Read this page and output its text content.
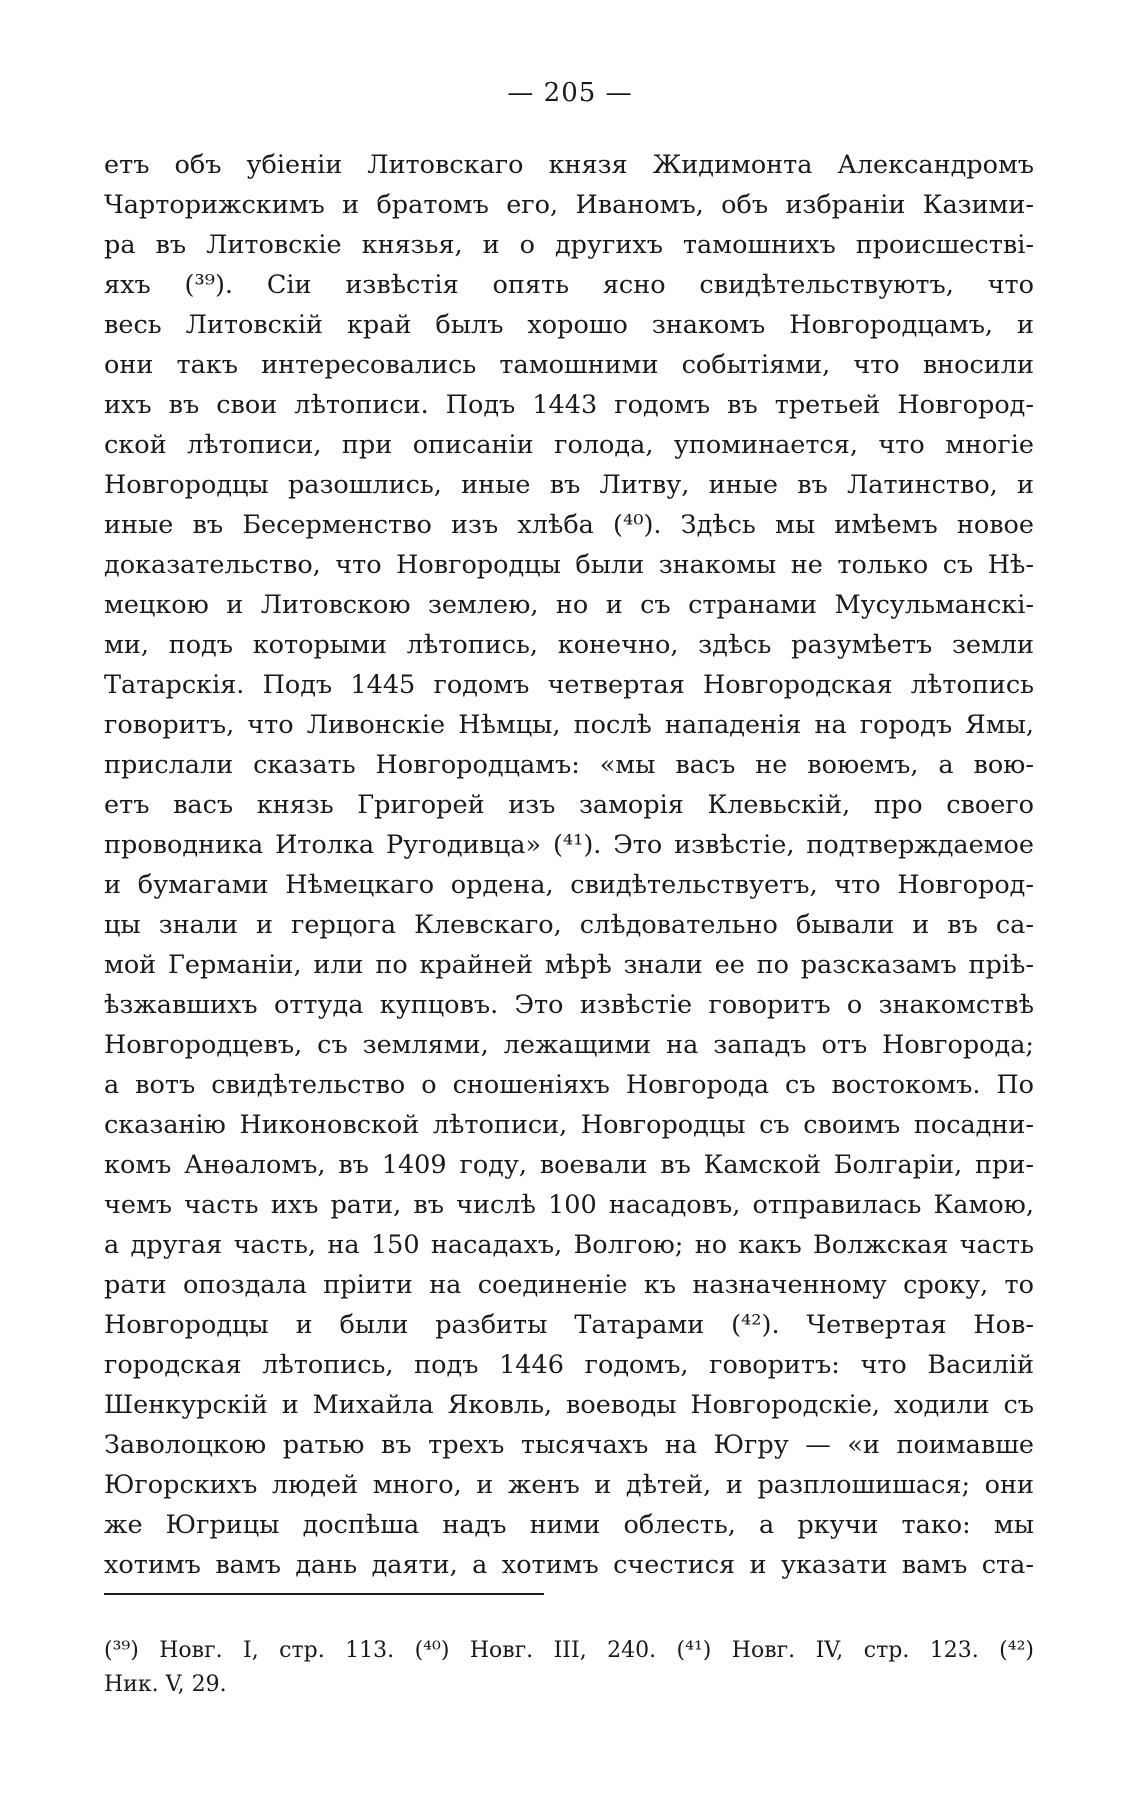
— 205 —
етъ объ убіеніи Литовскаго князя Жидимонта Александромъ
Чарторижскимъ и братомъ его, Иваномъ, объ избраніи Казими-
ра въ Литовскіе князья, и о другихъ тамошнихъ происшествi-
яхъ (³⁹). Сіи извѣстія опять ясно свидѣтельствуютъ, что
весь Литовскій край былъ хорошо знакомъ Новгородцамъ, и
они такъ интересовались тамошними событіями, что вносили
ихъ въ свои лѣтописи. Подъ 1443 годомъ въ третьей Новгород-
ской лѣтописи, при описаніи голода, упоминается, что многіе
Новгородцы разошлись, иные въ Литву, иные въ Латинство, и
иные въ Бесерменство изъ хлѣба (⁴⁰). Здѣсь мы имѣемъ новое
доказательство, что Новгородцы были знакомы не только съ Нѣ-
мецкою и Литовскою землею, но и съ странами Мусульманскі-
ми, подъ которыми лѣтопись, конечно, здѣсь разумѣетъ земли
Татарскія. Подъ 1445 годомъ четвертая Новгородская лѣтопись
говоритъ, что Ливонскіе Нѣмцы, послѣ нападенія на городъ Ямы,
прислали сказать Новгородцамъ: «мы васъ не воюемъ, а вою-
етъ васъ князь Григорей изъ заморія Клевьскій, про своего
проводника Итолка Ругодивца» (⁴¹). Это извѣстіе, подтверждаемое
и бумагами Нѣмецкаго ордена, свидѣтельствуетъ, что Новгород-
цы знали и герцога Клевскаго, слѣдовательно бывали и въ са-
мой Германіи, или по крайней мѣрѣ знали ее по разсказамъ пріѣ-
ѣзжавшихъ оттуда купцовъ. Это извѣстіе говоритъ о знакомствѣ
Новгородцевъ, съ землями, лежащими на западъ отъ Новгорода;
а вотъ свидѣтельство о сношеніяхъ Новгорода съ востокомъ. По
сказанію Никоновской лѣтописи, Новгородцы съ своимъ посадни-
комъ Анѳаломъ, въ 1409 году, воевали въ Камской Болгаріи, при-
чемъ часть ихъ рати, въ числѣ 100 насадовъ, отправилась Камою,
а другая часть, на 150 насадахъ, Волгою; но какъ Волжская часть
рати опоздала пріити на соединеніе къ назначенному сроку, то
Новгородцы и были разбиты Татарами (⁴²). Четвертая Нов-
городская лѣтопись, подъ 1446 годомъ, говоритъ: что Василій
Шенкурскій и Михайла Яковль, воеводы Новгородскіе, ходили съ
Заволоцкою ратью въ трехъ тысячахъ на Югру — «и поимавше
Югорскихъ людей много, и женъ и дѣтей, и разплошишася; они
же Югрицы доспѣша надъ ними облесть, а ркучи тако: мы
хотимъ вамъ дань даяти, а хотимъ счестися и указати вамъ ста-
(³⁹) Новг. I, стр. 113. (⁴⁰) Новг. III, 240. (⁴¹) Новг. IV, стр. 123. (⁴²)
Ник. V, 29.
